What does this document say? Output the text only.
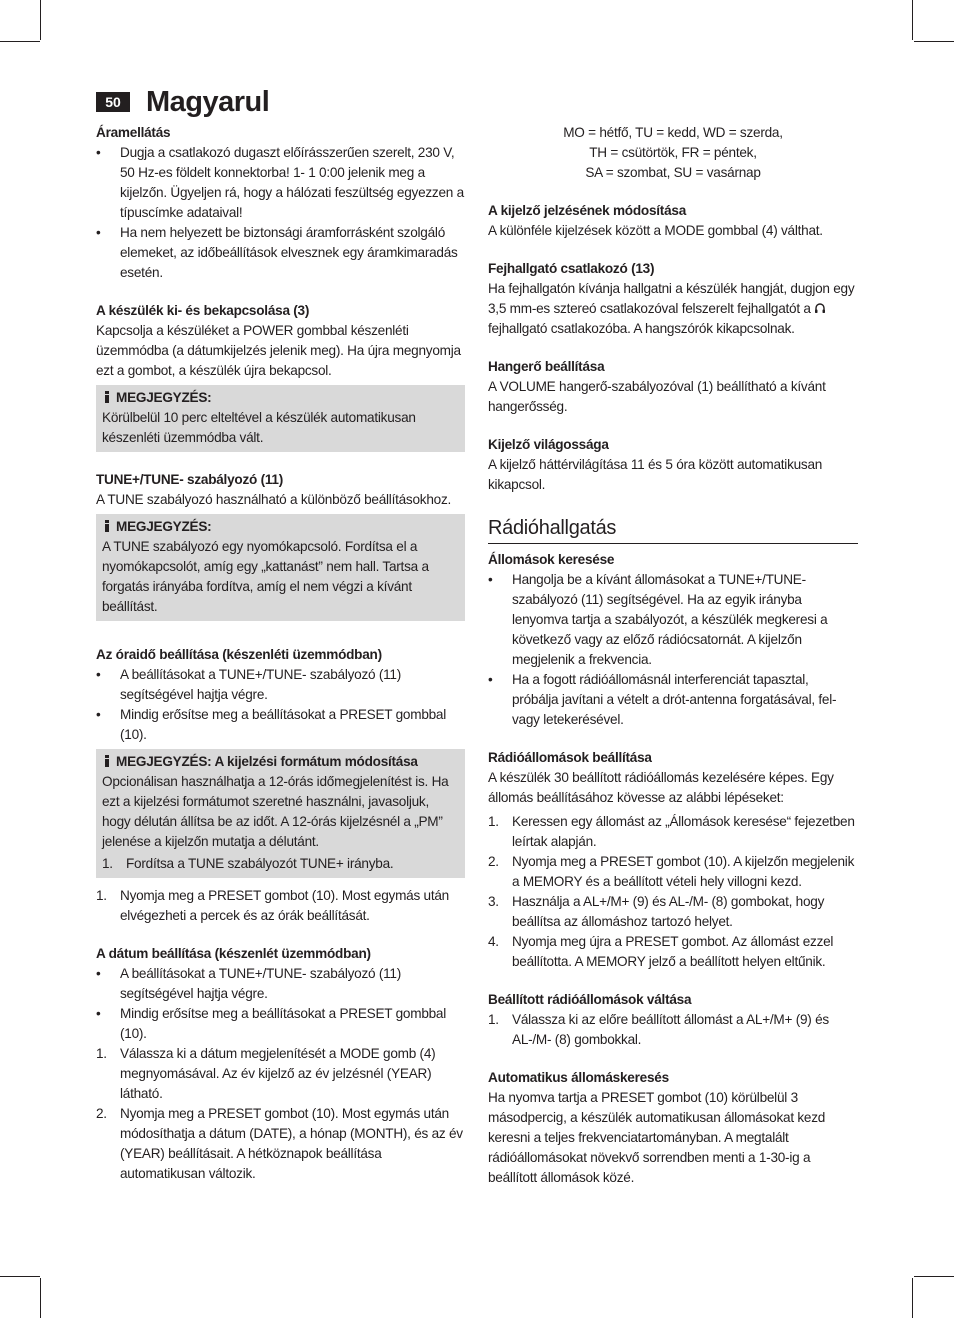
50 Magyarul

Áramellátás

• Dugja a csatlakozó dugaszt előírásszerűen szerelt, 230 V, 50 Hz-es földelt konnektorba! 1- 1 0:00 jelenik meg a kijelzőn. Ügyeljen rá, hogy a hálózati feszültség egyezzen a típuscímke adataival!
• Ha nem helyezett be biztonsági áramforrásként szolgáló elemeket, az időbeállítások elvesznek egy áramkimaradás esetén.

A készülék ki- és bekapcsolása (3)

Kapcsolja a készüléket a POWER gombbal készenléti üzemmódba (a dátumkijelzés jelenik meg). Ha újra megnyomja ezt a gombot, a készülék újra bekapcsol.

MEGJEGYZÉS:

Körülbelül 10 perc elteltével a készülék automatikusan készenléti üzemmódba vált.

TUNE+/TUNE- szabályozó (11)

A TUNE szabályozó használható a különböző beállításokhoz.

MEGJEGYZÉS:

A TUNE szabályozó egy nyomókapcsoló. Fordítsa el a nyomókapcsolót, amíg egy „kattanást” nem hall. Tartsa a forgatás irányába fordítva, amíg el nem végzi a kívánt beállítást.

Az óraidő beállítása (készenléti üzemmódban)

• A beállításokat a TUNE+/TUNE- szabályozó (11) segítségével hajtja végre.
• Mindig erősítse meg a beállításokat a PRESET gombbal (10).
MEGJEGYZÉS: A kijelzési formátum módosítása

Opcionálisan használhatja a 12-órás időmegjelenítést is. Ha ezt a kijelzési formátumot szeretné használni, javasoljuk, hogy délután állítsa be az időt. A 12-órás kijelzésnél a „PM” jelenése a kijelzőn mutatja a délutánt.

1. Fordítsa a TUNE szabályozót TUNE+ irányba.
1. Nyomja meg a PRESET gombot (10). Most egymás után elvégezheti a percek és az órák beállítását.

A dátum beállítása (készenlét üzemmódban)

• A beállításokat a TUNE+/TUNE- szabályozó (11) segítségével hajtja végre.
• Mindig erősítse meg a beállításokat a PRESET gombbal (10).
1. Válassza ki a dátum megjelenítését a MODE gomb (4) megnyomásával. Az év kijelző az év jelzésnél (YEAR) látható.
2. Nyomja meg a PRESET gombot (10). Most egymás után módosíthatja a dátum (DATE), a hónap (MONTH), és az év (YEAR) beállításait. A hétköznapok beállítása automatikusan változik.
MO = hétfő, TU = kedd, WD = szerda,
TH = csütörtök, FR = péntek,
SA = szombat, SU = vasárnap

A kijelző jelzésének módosítása

A különféle kijelzések között a MODE gombbal (4) válthat.

Fejhallgató csatlakozó (13)

Ha fejhallgatón kívánja hallgatni a készülék hangját, dugjon egy 3,5 mm-es sztereó csatlakozóval felszerelt fejhallgatót a fejhallgató csatlakozóba. A hangszórók kikapcsolnak.

Hangerő beállítása

A VOLUME hangerő-szabályozóval (1) beállítható a kívánt hangerősség.

Kijelző világossága

A kijelző háttérvilágítása 11 és 5 óra között automatikusan kikapcsol.

Rádióhallgatás

Állomások keresése

• Hangolja be a kívánt állomásokat a TUNE+/TUNE- szabályozó (11) segítségével. Ha az egyik irányba lenyomva tartja a szabályozót, a készülék megkeresi a következő vagy az előző rádiócsatornát. A kijelzőn megjelenik a frekvencia.
• Ha a fogott rádióállomásnál interferenciát tapasztal, próbálja javítani a vételt a drót-antenna forgatásával, fel- vagy letekerésével.

Rádióállomások beállítása

A készülék 30 beállított rádióállomás kezelésére képes. Egy állomás beállításához kövesse az alábbi lépéseket:

1. Keressen egy állomást az „Állomások keresése“ fejezetben leírtak alapján.
2. Nyomja meg a PRESET gombot (10). A kijelzőn megjelenik a MEMORY és a beállított vételi hely villogni kezd.
3. Használja a AL+/M+ (9) és AL-/M- (8) gombokat, hogy beállítsa az állomáshoz tartozó helyet.
4. Nyomja meg újra a PRESET gombot. Az állomást ezzel beállította. A MEMORY jelző a beállított helyen eltűnik.

Beállított rádióállomások váltása

1. Válassza ki az előre beállított állomást a AL+/M+ (9) és AL-/M- (8) gombokkal.

Automatikus állomáskeresés

Ha nyomva tartja a PRESET gombot (10) körülbelül 3 másodpercig, a készülék automatikusan állomásokat kezd keresni a teljes frekvenciatartományban. A megtalált rádióállomásokat növekvő sorrendben menti a 1-30-ig a beállított állomások közé.
